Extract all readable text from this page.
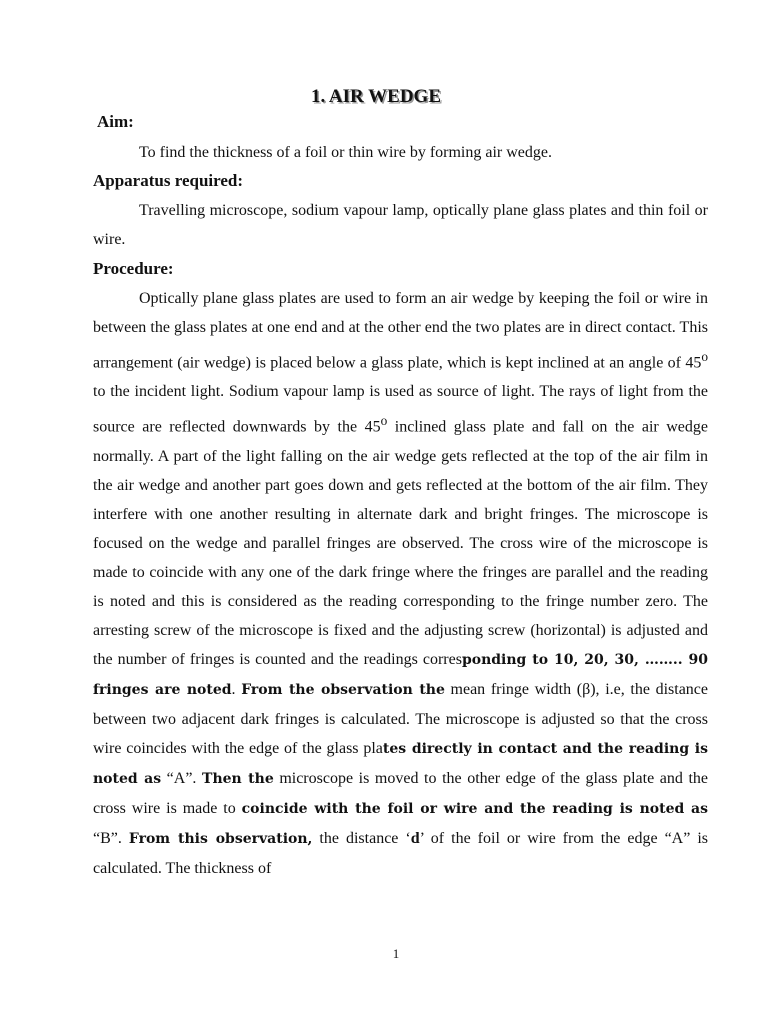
1. AIR WEDGE
Aim:
To find the thickness of a foil or thin wire by forming air wedge.
Apparatus required:
Travelling microscope, sodium vapour lamp, optically plane glass plates and thin foil or wire.
Procedure:
Optically plane glass plates are used to form an air wedge by keeping the foil or wire in between the glass plates at one end and at the other end the two plates are in direct contact. This arrangement (air wedge) is placed below a glass plate, which is kept inclined at an angle of 45$^o$ to the incident light. Sodium vapour lamp is used as source of light. The rays of light from the source are reflected downwards by the 45$^o$ inclined glass plate and fall on the air wedge normally. A part of the light falling on the air wedge gets reflected at the top of the air film in the air wedge and another part goes down and gets reflected at the bottom of the air film. They interfere with one another resulting in alternate dark and bright fringes. The microscope is focused on the wedge and parallel fringes are observed. The cross wire of the microscope is made to coincide with any one of the dark fringe where the fringes are parallel and the reading is noted and this is considered as the reading corresponding to the fringe number zero. The arresting screw of the microscope is fixed and the adjusting screw (horizontal) is adjusted and the number of fringes is counted and the readings corresponding to 10, 20, 30, …….. 90 fringes are noted. From the observation the mean fringe width (β), i.e, the distance between two adjacent dark fringes is calculated. The microscope is adjusted so that the cross wire coincides with the edge of the glass plates directly in contact and the reading is noted as “A”. Then the microscope is moved to the other edge of the glass plate and the cross wire is made to coincide with the foil or wire and the reading is noted as “B”. From this observation, the distance ‘d’ of the foil or wire from the edge “A” is calculated. The thickness of
1
